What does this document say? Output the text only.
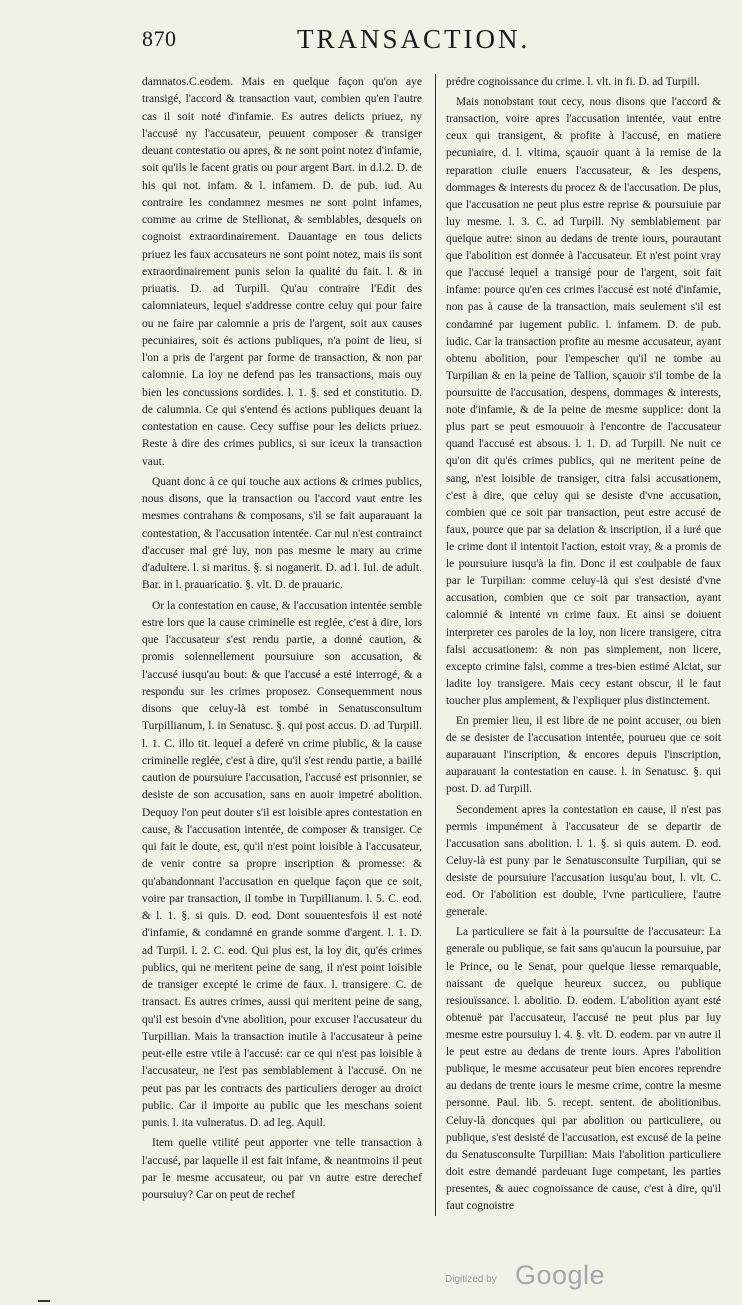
870	TRANSACTION.

damnatos.C.eodem. Mais en quelque façon qu'on aye transigé, l'accord & transaction vaut, combien qu'en l'autre cas il soit noté d'infamie. Es autres delicts priuez, ny l'accusé ny l'accusateur, peuuent composer & transiger deuant contestatio ou apres, & ne sont point notez d'infamie, soit qu'ils le facent gratis ou pour argent Bart. in d.l.2. D. de his qui not. infam. & l. infamem. D. de pub. iud. Au contraire les condamnez mesmes ne sont point infames, comme au crime de Stellionat, & semblables, desquels on cognoist extraordinairement. Dauantage en tous delicts priuez les faux accusateurs ne sont point notez, mais ils sont extraordinairement punis selon la qualité du fait. l. & in priuatis. D. ad Turpill. Qu'au contraire l'Edit des calomniateurs, lequel s'addresse contre celuy qui pour faire ou ne faire par calomnie a pris de l'argent, soit aux causes pecuniaires, soit és actions publiques, n'a point de lieu, si l'on a pris de l'argent par forme de transaction, & non par calomnie. La loy ne defend pas les transactions, mais ouy bien les concussions sordides. l. 1. §. sed et constitutio. D. de calumnia. Ce qui s'entend és actions publiques deuant la contestation en cause. Cecy suffise pour les delicts priuez. Reste à dire des crimes publics, si sur iceux la transaction vaut.

Quant donc à ce qui touche aux actions & crimes publics, nous disons, que la transaction ou l'accord vaut entre les mesmes contrahans & composans, s'il se fait auparauant la contestation, & l'accusation intentée. Car nul n'est contrainct d'accuser mal gré luy, non pas mesme le mary au crime d'adultere. l. si maritus. §. si noganerit. D. ad l. Iul. de adult. Bar. in l. prauaricatio. §. vlt. D. de prauaric.

Or la contestation en cause, & l'accusation intentée semble estre lors que la cause criminelle est reglée, c'est à dire, lors que l'accusateur s'est rendu partie, a donné caution, & promis solennellement poursuiure son accusation, & l'accusé iusqu'au bout: & que l'accusé a esté interrogé, & a respondu sur les crimes proposez. Consequemment nous disons que celuy-là est tombé in Senatusconsultum Turpillianum, l. in Senatusc. §. qui post accus. D. ad Turpill. l. 1. C. illo tit. lequel a deferé vn crime plublic, & la cause criminelle reglée, c'est à dire, qu'il s'est rendu partie, a baillé caution de poursuiure l'accusation, l'accusé est prisonnier, se desiste de son accusation, sans en auoir impetré abolition. Dequoy l'on peut douter s'il est loisible apres contestation en cause, & l'accusation intentée, de composer & transiger. Ce qui fait le doute, est, qu'il n'est point loisible à l'accusateur, de venir contre sa propre inscription & promesse: & qu'abandonnant l'accusation en quelque façon que ce soit, voire par transaction, il tombe in Turpillianum. l. 5. C. eod. & l. 1. §. si quis. D. eod. Dont souuentesfois il est noté d'infamie, & condamné en grande somme d'argent. l. 1. D. ad Turpil. l. 2. C. eod. Qui plus est, la loy dit, qu'és crimes publics, qui ne meritent peine de sang, il n'est point loisible de transiger excepté le crime de faux. l. transigere. C. de transact. Es autres crimes, aussi qui meritent peine de sang, qu'il est besoin d'vne abolition, pour excuser l'accusateur du Turpillian. Mais la transaction inutile à l'accusateur à peine peut-elle estre vtile à l'accusé: car ce qui n'est pas loisible à l'accusateur, ne l'est pas semblablement à l'accusé. On ne peut pas par les contracts des particuliers deroger au droict public. Car il importe au public que les meschans soient punis. l. ita vulneratus. D. ad leg. Aquil.

Item quelle vtilité peut apporter vne telle transaction à l'accusé, par laquelle il est fait infame, & neantmoins il peut par le mesme accusateur, ou par vn autre estre derechef poursuiuy? Car on peut de rechef

prédre cognoissance du crime. l. vlt. in fi. D. ad Turpill.

Mais nonobstant tout cecy, nous disons que l'accord & transaction, voire apres l'accusation intentée, vaut entre ceux qui transigent, & profite à l'accusé, en matiere pecuniaire, d. l. vltima, sçauoir quant à la remise de la reparation ciuile enuers l'accusateur, & les despens, dommages & interests du procez & de l'accusation. De plus, que l'accusation ne peut plus estre reprise & poursuiuie par luy mesme. l. 3. C. ad Turpill. Ny semblablement par quelque autre: sinon au dedans de trente iours, pourautant que l'abolition est donnée à l'accusateur. Et n'est point vray que l'accusé lequel a transigé pour de l'argent, soit fait infame: pource qu'en ces crimes l'accusé est noté d'infamie, non pas à cause de la transaction, mais seulement s'il est condamné par iugement public. l. infamem. D. de pub. iudic. Car la transaction profite au mesme accusateur, ayant obtenu abolition, pour l'empescher qu'il ne tombe au Turpilian & en la peine de Tallion, sçauoir s'il tombe de la poursuitte de l'accusation, despens, dommages & interests, note d'infamie, & de la peine de mesme supplice: dont la plus part se peut esmouuoir à l'encontre de l'accusateur quand l'accusé est absous. l. 1. D. ad Turpill. Ne nuit ce qu'on dit qu'és crimes publics, qui ne meritent peine de sang, n'est loisible de transiger, citra falsi accusationem, c'est à dire, que celuy qui se desiste d'vne accusation, combien que ce soit par transaction, peut estre accusé de faux, pource que par sa delation & inscription, il a iuré que le crime dont il intentoit l'action, estoit vray, & a promis de le poursuiure iusqu'à la fin. Donc il est coulpable de faux par le Turpilian: comme celuy-là qui s'est desisté d'vne accusation, combien que ce soit par transaction, ayant calomnié & intenté vn crime faux. Et ainsi se doiuent interpreter ces paroles de la loy, non licere transigere, citra falsi accusationem: & non pas simplement, non licere, excepto crimine falsi, comme a tres-bien estimé Alciat, sur ladite loy transigere. Mais cecy estant obscur, il le faut toucher plus amplement, & l'expliquer plus distinctement.

En premier lieu, il est libre de ne point accuser, ou bien de se desister de l'accusation intentée, pourueu que ce soit auparauant l'inscription, & encores depuis l'inscription, auparauant la contestation en cause. l. in Senatusc. §. qui post. D. ad Turpill.

Secondement apres la contestation en cause, il n'est pas permis impunément à l'accusateur de se departir de l'accusation sans abolition. l. 1. §. si quis autem. D. eod. Celuy-là est puny par le Senatusconsulte Turpilian, qui se desiste de poursuiure l'accusation iusqu'au bout, l. vlt. C. eod. Or l'abolition est double, l'vne particuliere, l'autre generale.

La particuliere se fait à la poursuitte de l'accusateur: La generale ou publique, se fait sans qu'aucun la poursuiue, par le Prince, ou le Senat, pour quelque liesse remarquable, naissant de quelque heureux succez, ou publique resiouïssance. l. abolitio. D. eodem. L'abolition ayant esté obtenuë par l'accusateur, l'accusé ne peut plus par luy mesme estre poursuiuy l. 4. §. vlt. D. eodem. par vn autre il le peut estre au dedans de trente iours. Apres l'abolition publique, le mesme accusateur peut bien encores reprendre au dedans de trente iours le mesme crime, contre la mesme personne. Paul. lib. 5. recept. sentent. de abolitionibus. Celuy-là doncques qui par abolition ou particuliere, ou publique, s'est desisté de l'accusation, est excusé de la peine du Senatusconsulte Turpillian: Mais l'abolition particuliere doit estre demandé pardeuant Iuge competant, les parties presentes, & auec cognoissance de cause, c'est à dire, qu'il faut cognoistre

Digitized by Google
